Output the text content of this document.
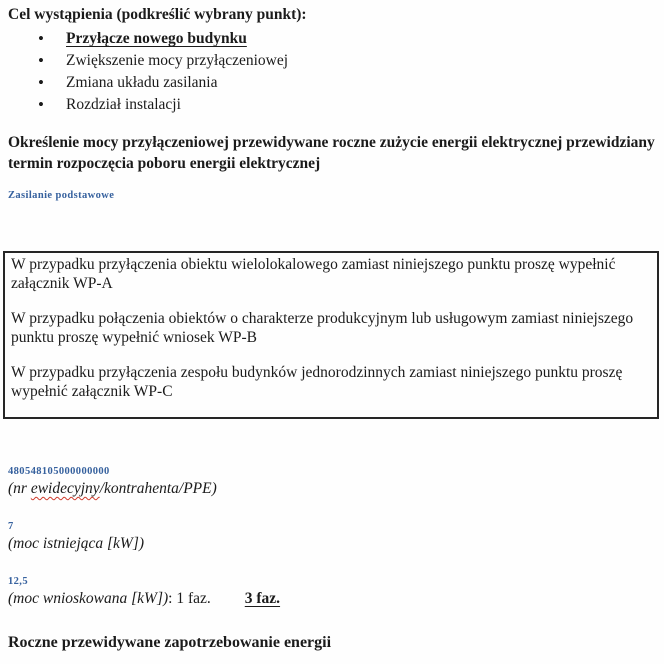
Cel wystąpienia (podkreślić wybrany punkt):

• Przyłącze nowego budynku
• Zwiększenie mocy przyłączeniowej
• Zmiana układu zasilania
• Rozdział instalacji

Określenie mocy przyłączeniowej przewidywane roczne zużycie energii elektrycznej przewidziany termin rozpoczęcia poboru energii elektrycznej

Zasilanie podstawowe

W przypadku przyłączenia obiektu wielolokalowego zamiast niniejszego punktu proszę wypełnić załącznik WP-A

W przypadku połączenia obiektów o charakterze produkcyjnym lub usługowym zamiast niniejszego punktu proszę wypełnić wniosek WP-B

W przypadku przyłączenia zespołu budynków jednorodzinnych zamiast niniejszego punktu proszę wypełnić załącznik WP-C

480548105000000000
(nr ewidecyjny/kontrahenta/PPE)
7
(moc istniejąca [kW])
12,5
(moc wnioskowana [kW]): 1 faz. 3 faz.

Roczne przewidywane zapotrzebowanie energii
